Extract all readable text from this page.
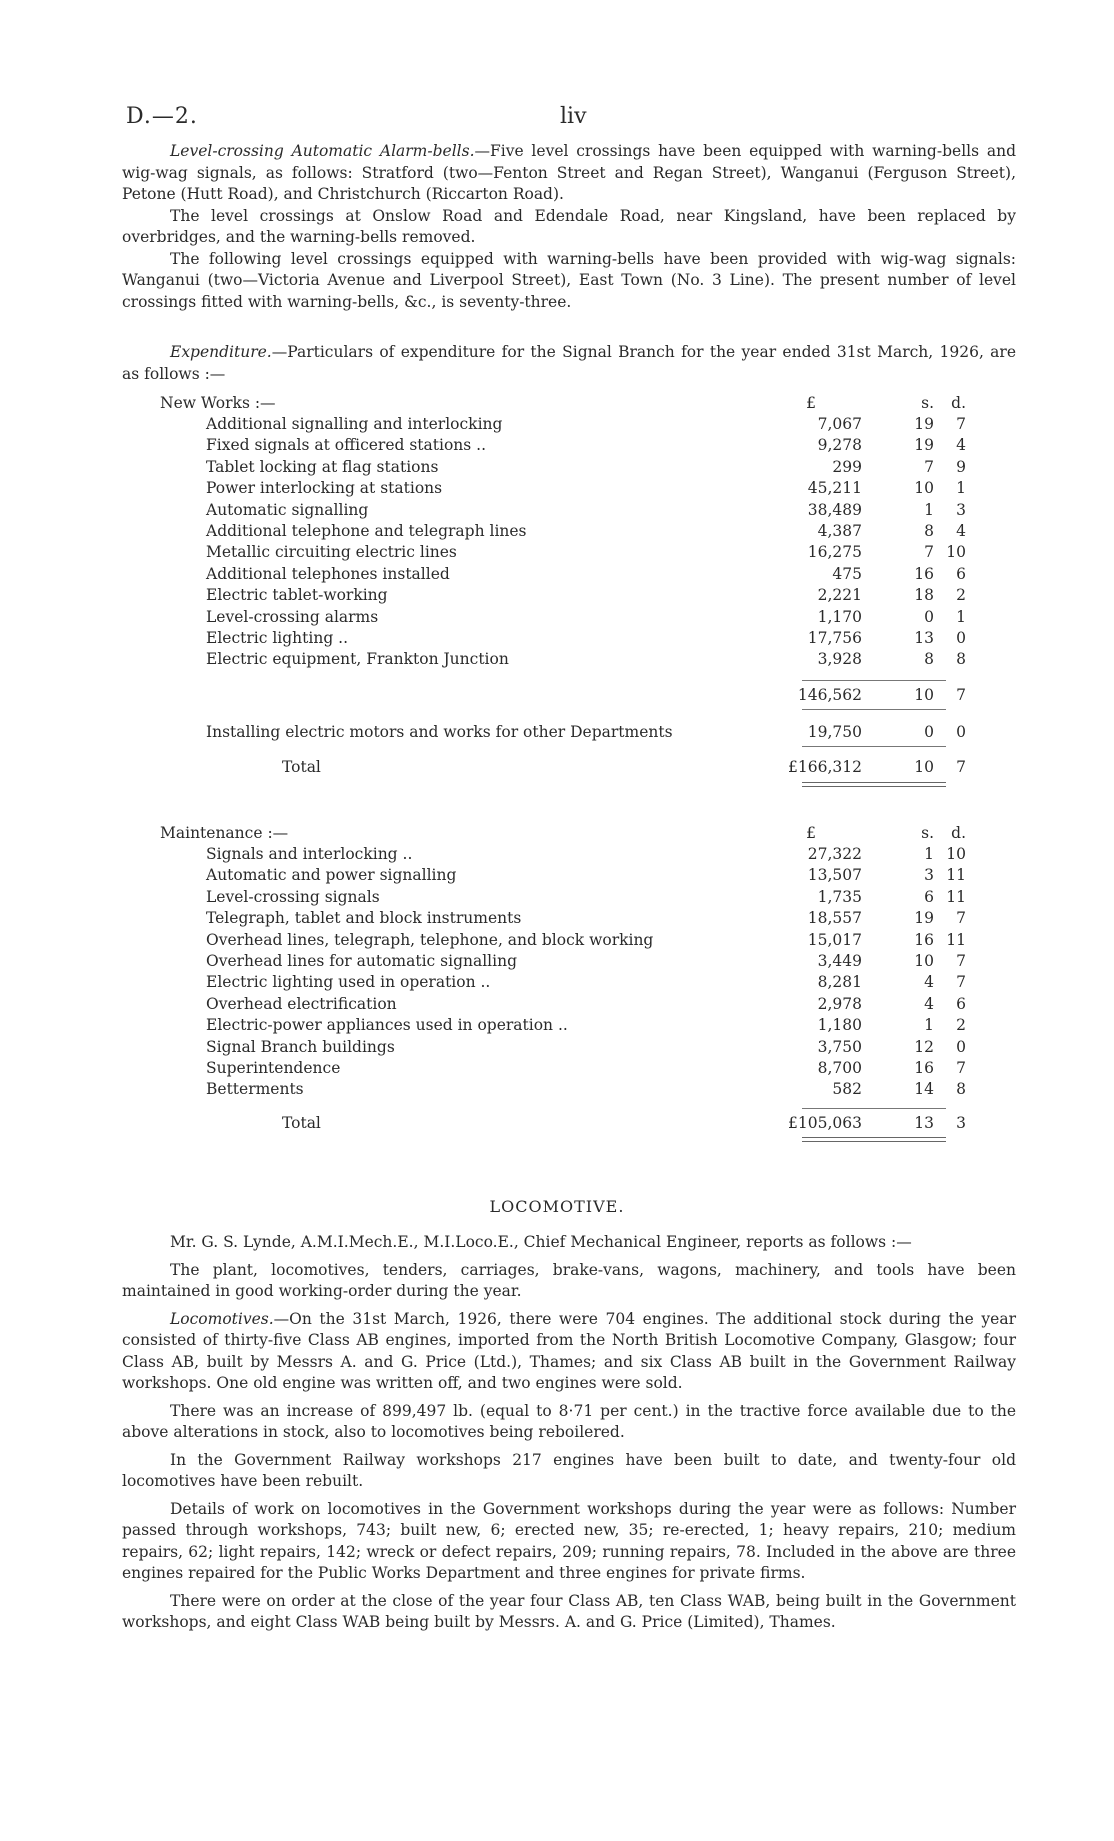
D.—2.	liv

Level-crossing Automatic Alarm-bells.—Five level crossings have been equipped with warning-bells and wig-wag signals, as follows: Stratford (two—Fenton Street and Regan Street), Wanganui (Ferguson Street), Petone (Hutt Road), and Christchurch (Riccarton Road).

The level crossings at Onslow Road and Edendale Road, near Kingsland, have been replaced by overbridges, and the warning-bells removed.

The following level crossings equipped with warning-bells have been provided with wig-wag signals: Wanganui (two—Victoria Avenue and Liverpool Street), East Town (No. 3 Line). The present number of level crossings fitted with warning-bells, &c., is seventy-three.

Expenditure.—Particulars of expenditure for the Signal Branch for the year ended 31st March, 1926, are as follows :—

New Works :—	£	s.	d.
Additional signalling and interlocking	7,067	19	7
Fixed signals at officered stations ..	9,278	19	4
Tablet locking at flag stations	299	7	9
Power interlocking at stations	45,211	10	1
Automatic signalling	38,489	1	3
Additional telephone and telegraph lines	4,387	8	4
Metallic circuiting electric lines	16,275	7 10
Additional telephones installed	475	16	6
Electric tablet-working	2,221	18	2
Level-crossing alarms	1,170	0	1
Electric lighting ..	17,756	13	0
Electric equipment, Frankton Junction	3,928	8	8
146,562	10	7
Installing electric motors and works for other Departments	19,750	0	0
Total	£166,312	10	7
Maintenance :—	£	s.	d.
Signals and interlocking ..	27,322	1 10
Automatic and power signalling	13,507	3 11
Level-crossing signals	1,735	6 11
Telegraph, tablet and block instruments	18,557	19	7
Overhead lines, telegraph, telephone, and block working	15,017	16 11
Overhead lines for automatic signalling	3,449	10	7
Electric lighting used in operation ..	8,281	4	7
Overhead electrification	2,978	4	6
Electric-power appliances used in operation ..	1,180	1	2
Signal Branch buildings	3,750	12	0
Superintendence	8,700	16	7
Betterments	582	14	8
Total	£105,063	13	3
LOCOMOTIVE.

Mr. G. S. Lynde, A.M.I.Mech.E., M.I.Loco.E., Chief Mechanical Engineer, reports as follows :—

The plant, locomotives, tenders, carriages, brake-vans, wagons, machinery, and tools have been maintained in good working-order during the year.

Locomotives.—On the 31st March, 1926, there were 704 engines. The additional stock during the year consisted of thirty-five Class AB engines, imported from the North British Locomotive Company, Glasgow; four Class AB, built by Messrs A. and G. Price (Ltd.), Thames; and six Class AB built in the Government Railway workshops. One old engine was written off, and two engines were sold.

There was an increase of 899,497 lb. (equal to 8·71 per cent.) in the tractive force available due to the above alterations in stock, also to locomotives being reboilered.

In the Government Railway workshops 217 engines have been built to date, and twenty-four old locomotives have been rebuilt.

Details of work on locomotives in the Government workshops during the year were as follows: Number passed through workshops, 743; built new, 6; erected new, 35; re-erected, 1; heavy repairs, 210; medium repairs, 62; light repairs, 142; wreck or defect repairs, 209; running repairs, 78. Included in the above are three engines repaired for the Public Works Department and three engines for private firms.

There were on order at the close of the year four Class AB, ten Class WAB, being built in the Government workshops, and eight Class WAB being built by Messrs. A. and G. Price (Limited), Thames.
